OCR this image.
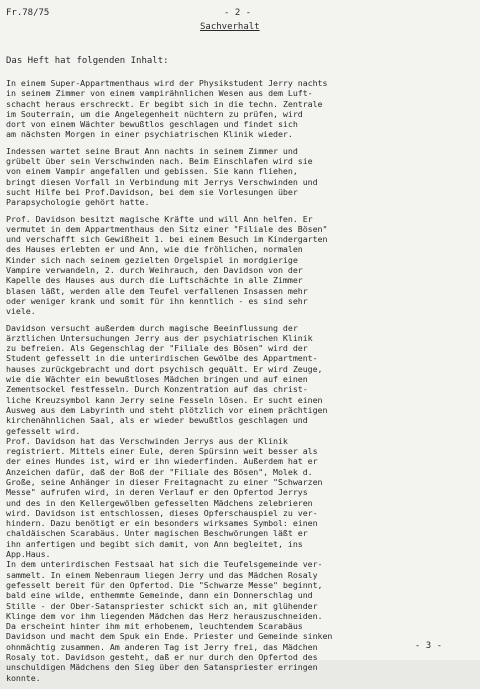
Fr.78/75	- 2 -
Sachverhalt
Das Heft hat folgenden Inhalt:

In einem Super-Appartmenthaus wird der Physikstudent Jerry nachts
in seinem Zimmer von einem vampirähnlichen Wesen aus dem Luft-
schacht heraus erschreckt. Er begibt sich in die techn. Zentrale
im Souterrain, um die Angelegenheit nüchtern zu prüfen, wird
dort von einem Wächter bewußtlos geschlagen und findet sich
am nächsten Morgen in einer psychiatrischen Klinik wieder.

Indessen wartet seine Braut Ann nachts in seinem Zimmer und
grübelt über sein Verschwinden nach. Beim Einschlafen wird sie
von einem Vampir angefallen und gebissen. Sie kann fliehen,
bringt diesen Vorfall in Verbindung mit Jerrys Verschwinden und
sucht Hilfe bei Prof.Davidson, bei dem sie Vorlesungen über
Parapsychologie gehört hatte.

Prof. Davidson besitzt magische Kräfte und will Ann helfen. Er
vermutet in dem Appartmenthaus den Sitz einer "Filiale des Bösen"
und verschafft sich Gewißheit 1. bei einem Besuch im Kindergarten
des Hauses erlebten er und Ann, wie die fröhlichen, normalen
Kinder sich nach seinem gezielten Orgelspiel in mordgierige
Vampire verwandeln, 2. durch Weihrauch, den Davidson von der
Kapelle des Hauses aus durch die Luftschächte in alle Zimmer
blasen läßt, werden alle dem Teufel verfallenen Insassen mehr
oder weniger krank und somit für ihn kenntlich - es sind sehr
viele.

Davidson versucht außerdem durch magische Beeinflussung der
ärztlichen Untersuchungen Jerry aus der psychiatrischen Klinik
zu befreien. Als Gegenschlag der "Filiale des Bösen" wird der
Student gefesselt in die unterirdischen Gewölbe des Appartment-
hauses zurückgebracht und dort psychisch gequält. Er wird Zeuge,
wie die Wächter ein bewußtloses Mädchen bringen und auf einen
Zementsockel festfesseln. Durch Konzentration auf das christ-
liche Kreuzsymbol kann Jerry seine Fesseln lösen. Er sucht einen
Ausweg aus dem Labyrinth und steht plötzlich vor einem prächtigen
kirchenähnlichen Saal, als er wieder bewußtlos geschlagen und
gefesselt wird.
Prof. Davidson hat das Verschwinden Jerrys aus der Klinik
registriert. Mittels einer Eule, deren Spürsinn weit besser als
der eines Hundes ist, wird er ihn wiederfinden. Außerdem hat er
Anzeichen dafür, daß der Boß der "Filiale des Bösen", Molek d.
Große, seine Anhänger in dieser Freitagnacht zu einer "Schwarzen
Messe" aufrufen wird, in deren Verlauf er den Opfertod Jerrys
und des in den Kellergewölben gefesselten Mädchens zelebrieren
wird. Davidson ist entschlossen, dieses Opferschauspiel zu ver-
hindern. Dazu benötigt er ein besonders wirksames Symbol: einen
chaldäischen Scarabäus. Unter magischen Beschwörungen läßt er
ihn anfertigen und begibt sich damit, von Ann begleitet, ins
App.Haus.
In dem unterirdischen Festsaal hat sich die Teufelsgemeinde ver-
sammelt. In einem Nebenraum liegen Jerry und das Mädchen Rosaly
gefesselt bereit für den Opfertod. Die "Schwarze Messe" beginnt,
bald eine wilde, enthemmte Gemeinde, dann ein Donnerschlag und
Stille - der Ober-Satanspriester schickt sich an, mit glühender
Klinge dem vor ihm liegenden Mädchen das Herz herauszuschneiden.
Da erscheint hinter ihm mit erhobenem, leuchtendem Scarabäus
Davidson und macht dem Spuk ein Ende. Priester und Gemeinde sinken
ohnmächtig zusammen. Am anderen Tag ist Jerry frei, das Mädchen
Rosaly tot. Davidson gesteht, daß er nur durch den Opfertod des
unschuldigen Mädchens den Sieg über den Satanspriester erringen
konnte.

- 3 -
